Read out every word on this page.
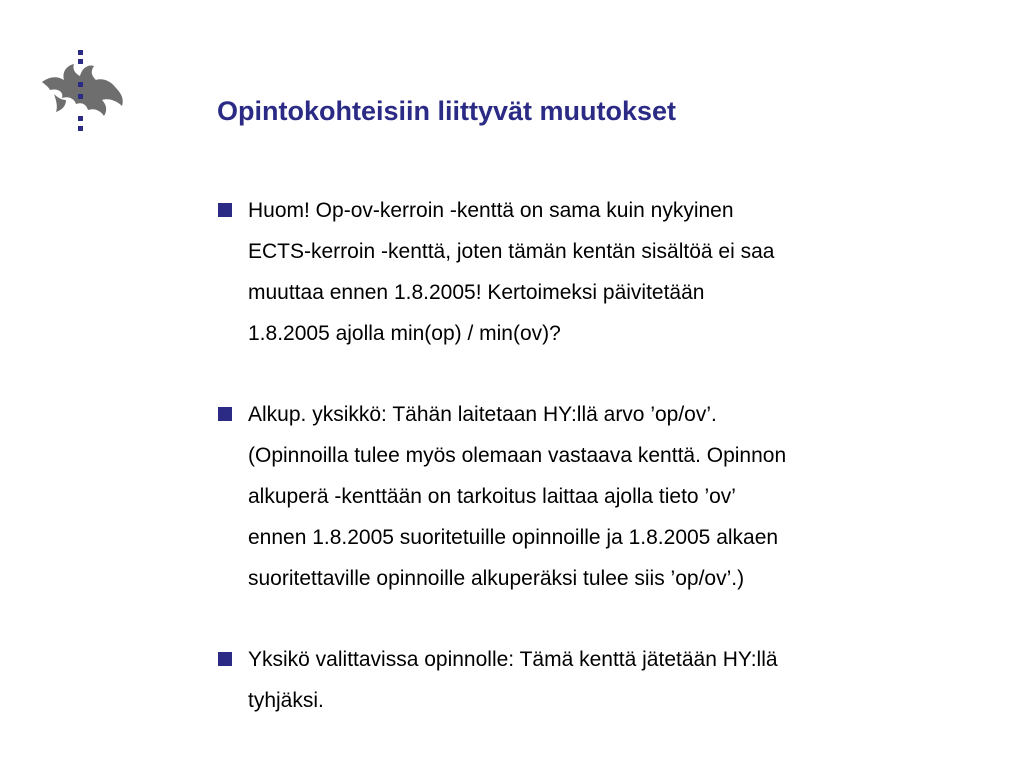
Opintokohteisiin liittyvät muutokset
Huom! Op-ov-kerroin -kenttä on sama kuin nykyinen
ECTS-kerroin -kenttä, joten tämän kentän sisältöä ei saa
muuttaa ennen 1.8.2005! Kertoimeksi päivitetään
1.8.2005 ajolla min(op) / min(ov)?
Alkup. yksikkö: Tähän laitetaan HY:llä arvo ’op/ov’.
(Opinnoilla tulee myös olemaan vastaava kenttä. Opinnon
alkuperä -kenttään on tarkoitus laittaa ajolla tieto ’ov’
ennen 1.8.2005 suoritetuille opinnoille ja 1.8.2005 alkaen
suoritettaville opinnoille alkuperäksi tulee siis ’op/ov’.)
Yksikö valittavissa opinnolle: Tämä kenttä jätetään HY:llä
tyhjäksi.
